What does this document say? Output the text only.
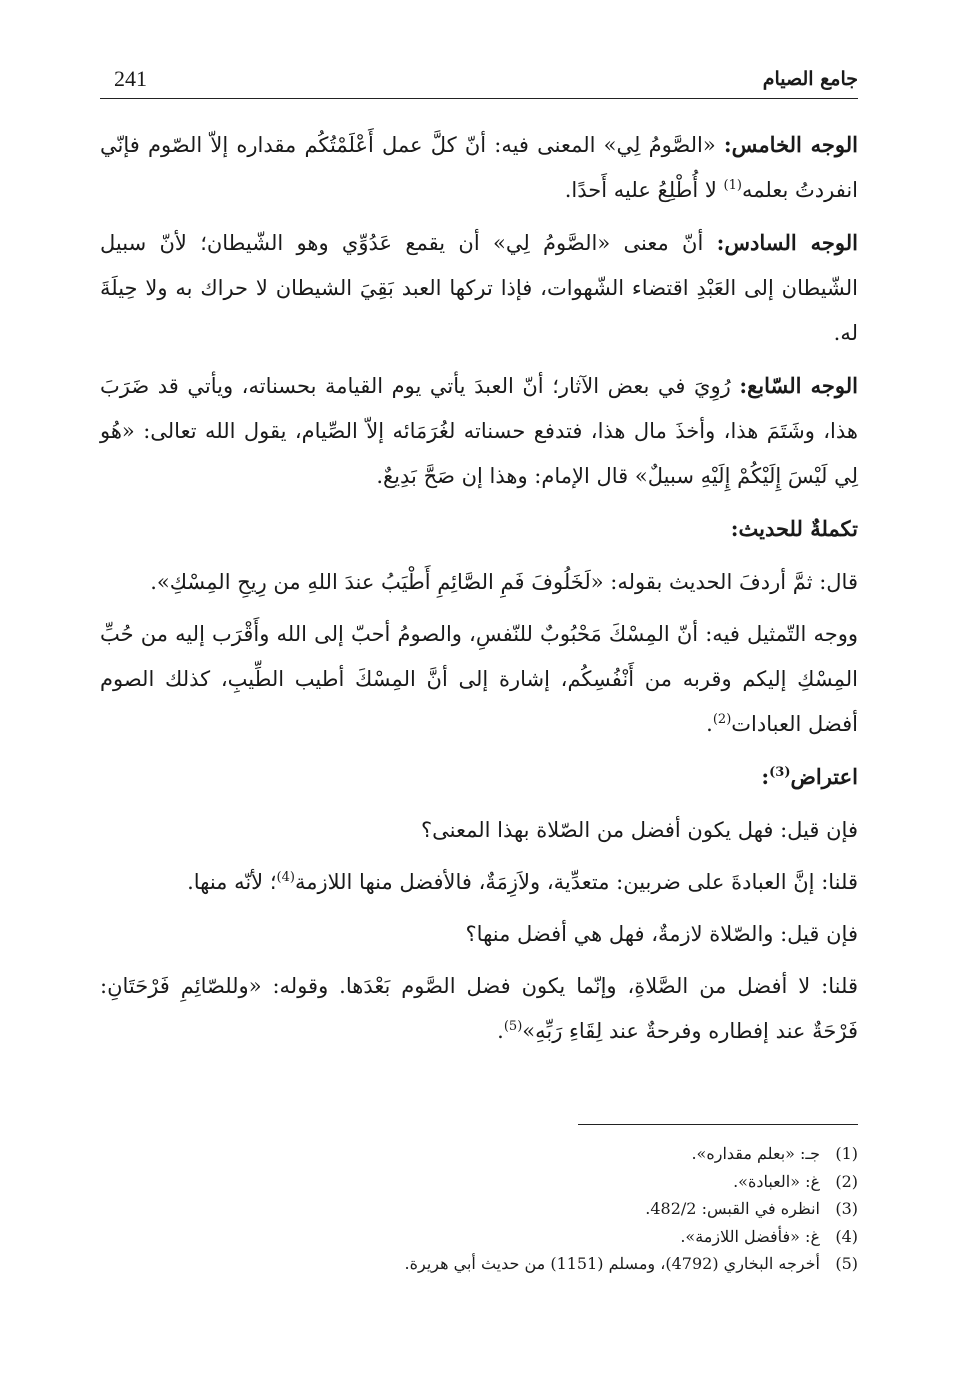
جامع الصيام
241

الوجه الخامس: «الصَّومُ لِي» المعنى فيه: أنّ كلَّ عمل أَعْلَمْتُكُم مقداره إلاّ الصّوم فإنّي انفردتُ بعلمه$^{(1)}$ لا أُطْلِعُ عليه أَحدًا.

الوجه السادس: أنّ معنى «الصَّومُ لِي» أن يقمع عَدُوِّي وهو الشّيطان؛ لأنّ سبيل الشّيطان إلى العَبْدِ اقتضاء الشّهوات، فإذا تركها العبد بَقِيَ الشيطان لا حراك به ولا حِيلَةَ له.

الوجه السّابع: رُوِيَ في بعض الآثار؛ أنّ العبدَ يأتي يوم القيامة بحسناته، ويأتي قد ضَرَبَ هذا، وشَتَمَ هذا، وأخذَ مال هذا، فتدفع حسناته لغُرَمَائه إلاّ الصِّيام، يقول الله تعالى: «هُو لِي لَيْسَ إِلَيْكُمْ إِلَيْهِ سبيلٌ» قال الإمام: وهذا إن صَحَّ بَدِيعٌ.

تكملةٌ للحديث:

قال: ثمَّ أردفَ الحديث بقوله: «لَخَلُوفَ فَمِ الصَّائِمِ أَطْيَبُ عندَ اللهِ من رِيحِ المِسْكِ».

ووجه التّمثيل فيه: أنّ المِسْكَ مَحْبُوبٌ للنّفسِ، والصومُ أحبّ إلى الله وأَقْرَب إليه من حُبِّ المِسْكِ إليكم وقربه من أَنْفُسِكُم، إشارة إلى أنَّ المِسْكَ أطيب الطِّيبِ، كذلك الصوم أفضل العبادات$^{(2)}$.

اعتراض$^{(3)}$:

فإن قيل: فهل يكون أفضل من الصّلاة بهذا المعنى؟

قلنا: إنَّ العبادةَ على ضربين: متعدِّية، ولاَزِمَةٌ، فالأفضل منها اللازمة$^{(4)}$؛ لأنّه منها.

فإن قيل: والصّلاة لازمةٌ، فهل هي أفضل منها؟

قلنا: لا أفضل من الصَّلاةِ، وإنّما يكون فضل الصَّوم بَعْدَها. وقوله: «وللصّائِمِ فَرْحَتَانِ: فَرْحَةٌ عند إفطاره وفرحةٌ عند لِقَاءِ رَبِّهِ»$^{(5)}$.

(1)
جـ: «بعلم مقداره».
(2)
غ: «العبادة».
(3)
انظره في القبس: 482/2.
(4)
غ: «فأفضل اللازمة».
(5)
أخرجه البخاري (4792)، ومسلم (1151) من حديث أبي هريرة.
